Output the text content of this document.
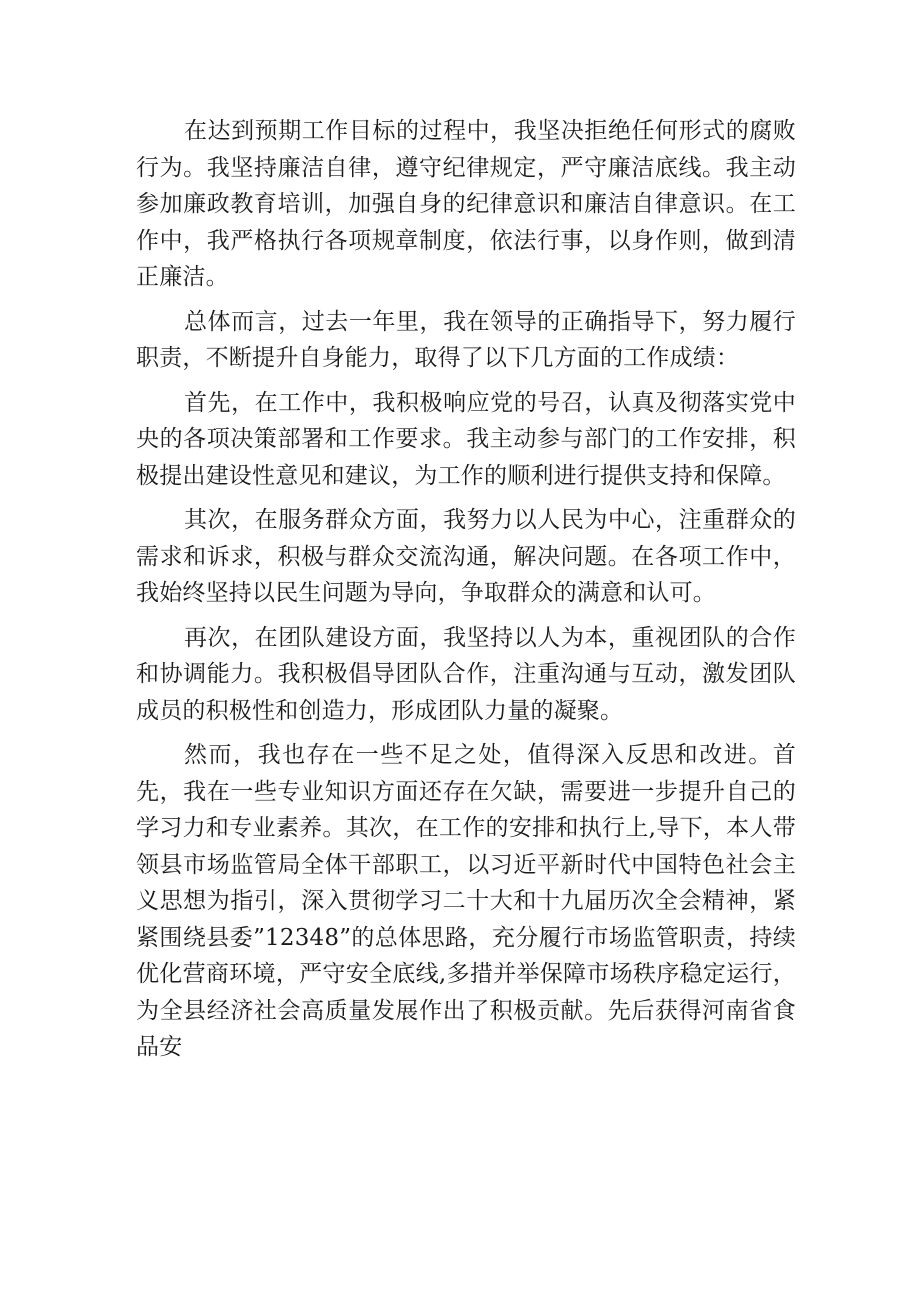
在达到预期工作目标的过程中，我坚决拒绝任何形式的腐败行为。我坚持廉洁自律，遵守纪律规定，严守廉洁底线。我主动参加廉政教育培训，加强自身的纪律意识和廉洁自律意识。在工作中，我严格执行各项规章制度，依法行事，以身作则，做到清正廉洁。

总体而言，过去一年里，我在领导的正确指导下，努力履行职责，不断提升自身能力，取得了以下几方面的工作成绩：

首先，在工作中，我积极响应党的号召，认真及彻落实党中央的各项决策部署和工作要求。我主动参与部门的工作安排，积极提出建设性意见和建议，为工作的顺利进行提供支持和保障。

其次，在服务群众方面，我努力以人民为中心，注重群众的需求和诉求，积极与群众交流沟通，解决问题。在各项工作中，我始终坚持以民生问题为导向，争取群众的满意和认可。

再次，在团队建设方面，我坚持以人为本，重视团队的合作和协调能力。我积极倡导团队合作，注重沟通与互动，激发团队成员的积极性和创造力，形成团队力量的凝聚。

然而，我也存在一些不足之处，值得深入反思和改进。首先，我在一些专业知识方面还存在欠缺，需要进一步提升自己的学习力和专业素养。其次，在工作的安排和执行上,导下，本人带领县市场监管局全体干部职工，以习近平新时代中国特色社会主义思想为指引，深入贯彻学习二十大和十九届历次全会精神，紧紧围绕县委”12348”的总体思路，充分履行市场监管职责，持续优化营商环境，严守安全底线,多措并举保障市场秩序稳定运行，为全县经济社会高质量发展作出了积极贡献。先后获得河南省食品安
